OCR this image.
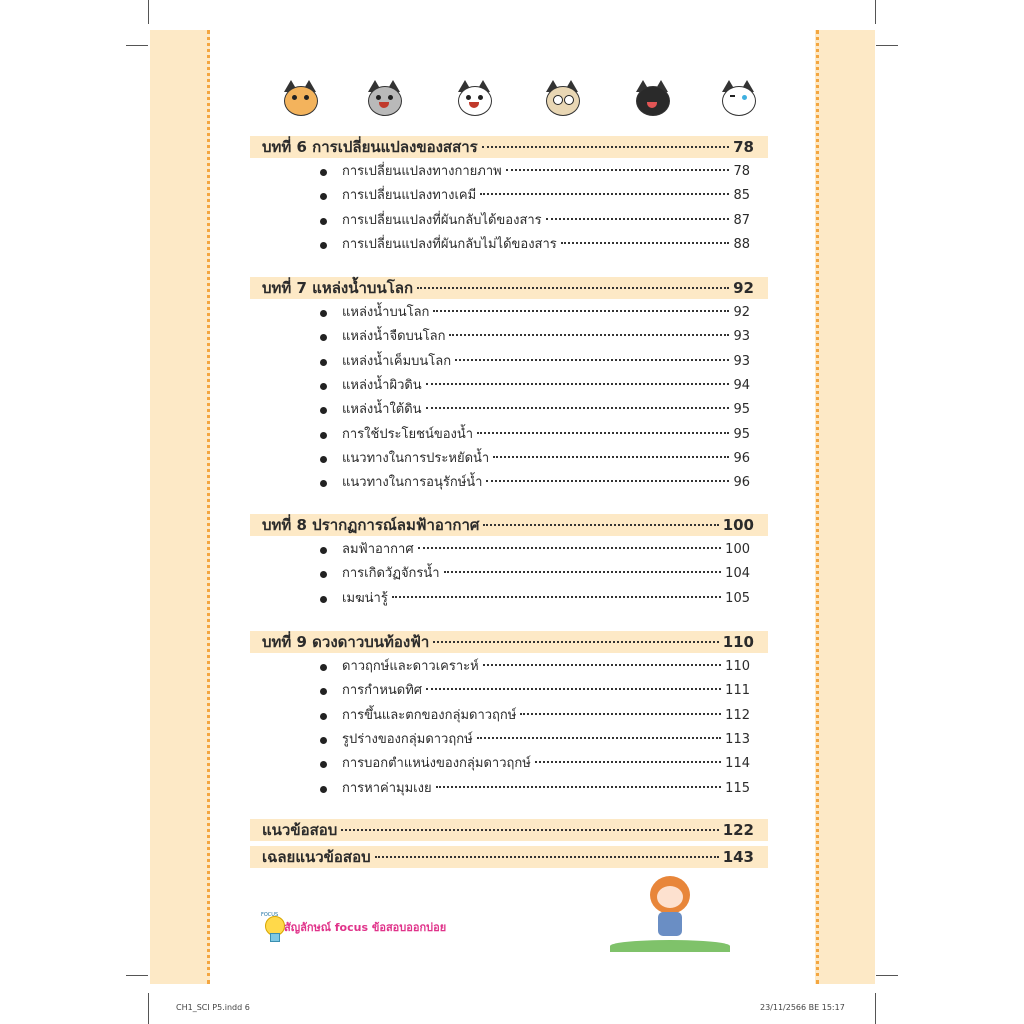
บทที่ 6 การเปลี่ยนแปลงของสสาร	78
การเปลี่ยนแปลงทางกายภาพ	78
การเปลี่ยนแปลงทางเคมี	85
การเปลี่ยนแปลงที่ผันกลับได้ของสาร	87
การเปลี่ยนแปลงที่ผันกลับไม่ได้ของสาร	88
บทที่ 7 แหล่งน้ำบนโลก	92
แหล่งน้ำบนโลก	92
แหล่งน้ำจืดบนโลก	93
แหล่งน้ำเค็มบนโลก	93
แหล่งน้ำผิวดิน	94
แหล่งน้ำใต้ดิน	95
การใช้ประโยชน์ของน้ำ	95
แนวทางในการประหยัดน้ำ	96
แนวทางในการอนุรักษ์น้ำ	96
บทที่ 8 ปรากฏการณ์ลมฟ้าอากาศ	100
ลมฟ้าอากาศ	100
การเกิดวัฏจักรน้ำ	104
เมฆน่ารู้	105
บทที่ 9 ดวงดาวบนท้องฟ้า	110
ดาวฤกษ์และดาวเคราะห์	110
การกำหนดทิศ	111
การขึ้นและตกของกลุ่มดาวฤกษ์	112
รูปร่างของกลุ่มดาวฤกษ์	113
การบอกตำแหน่งของกลุ่มดาวฤกษ์	114
การหาค่ามุมเงย	115
แนวข้อสอบ	122
เฉลยแนวข้อสอบ	143
FOCUS
สัญลักษณ์ focus ข้อสอบออกบ่อย
CH1_SCI P5.indd 6	23/11/2566 BE 15:17
